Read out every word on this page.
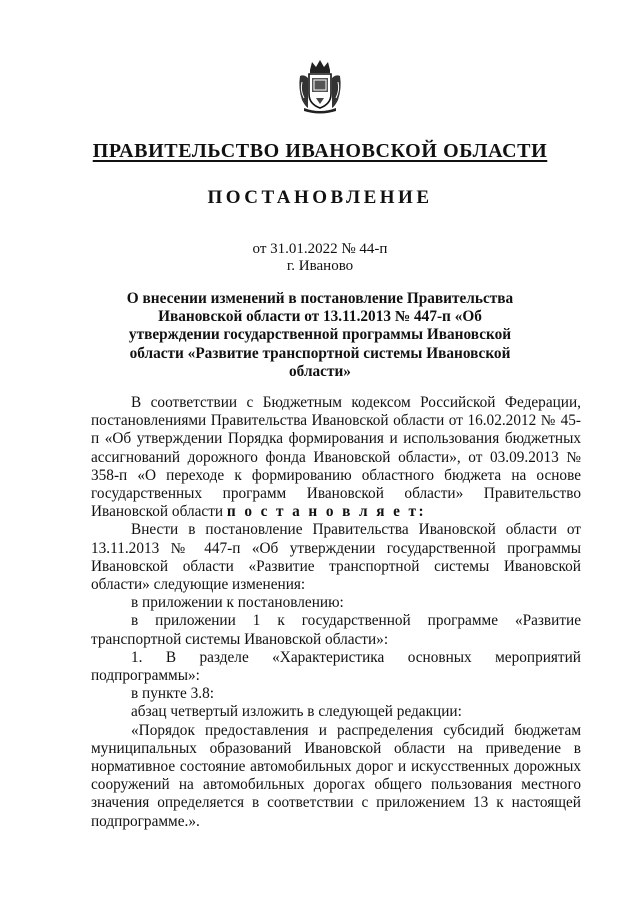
ПРАВИТЕЛЬСТВО ИВАНОВСКОЙ ОБЛАСТИ
ПОСТАНОВЛЕНИЕ
от 31.01.2022 № 44-п
г. Иваново
О внесении изменений в постановление Правительства Ивановской области от 13.11.2013 № 447-п «Об утверждении государственной программы Ивановской области «Развитие транспортной системы Ивановской области»

В соответствии с Бюджетным кодексом Российской Федерации, постановлениями Правительства Ивановской области от 16.02.2012 № 45-п «Об утверждении Порядка формирования и использования бюджетных ассигнований дорожного фонда Ивановской области», от 03.09.2013 № 358-п «О переходе к формированию областного бюджета на основе государственных программ Ивановской области» Правительство Ивановской области п о с т а н о в л я е т:

Внести в постановление Правительства Ивановской области от 13.11.2013 № 447-п «Об утверждении государственной программы Ивановской области «Развитие транспортной системы Ивановской области» следующие изменения:

в приложении к постановлению:

в приложении 1 к государственной программе «Развитие транспортной системы Ивановской области»:

1. В разделе «Характеристика основных мероприятий подпрограммы»:

в пункте 3.8:

абзац четвертый изложить в следующей редакции:

«Порядок предоставления и распределения субсидий бюджетам муниципальных образований Ивановской области на приведение в нормативное состояние автомобильных дорог и искусственных дорожных сооружений на автомобильных дорогах общего пользования местного значения определяется в соответствии с приложением 13 к настоящей подпрограмме.».
